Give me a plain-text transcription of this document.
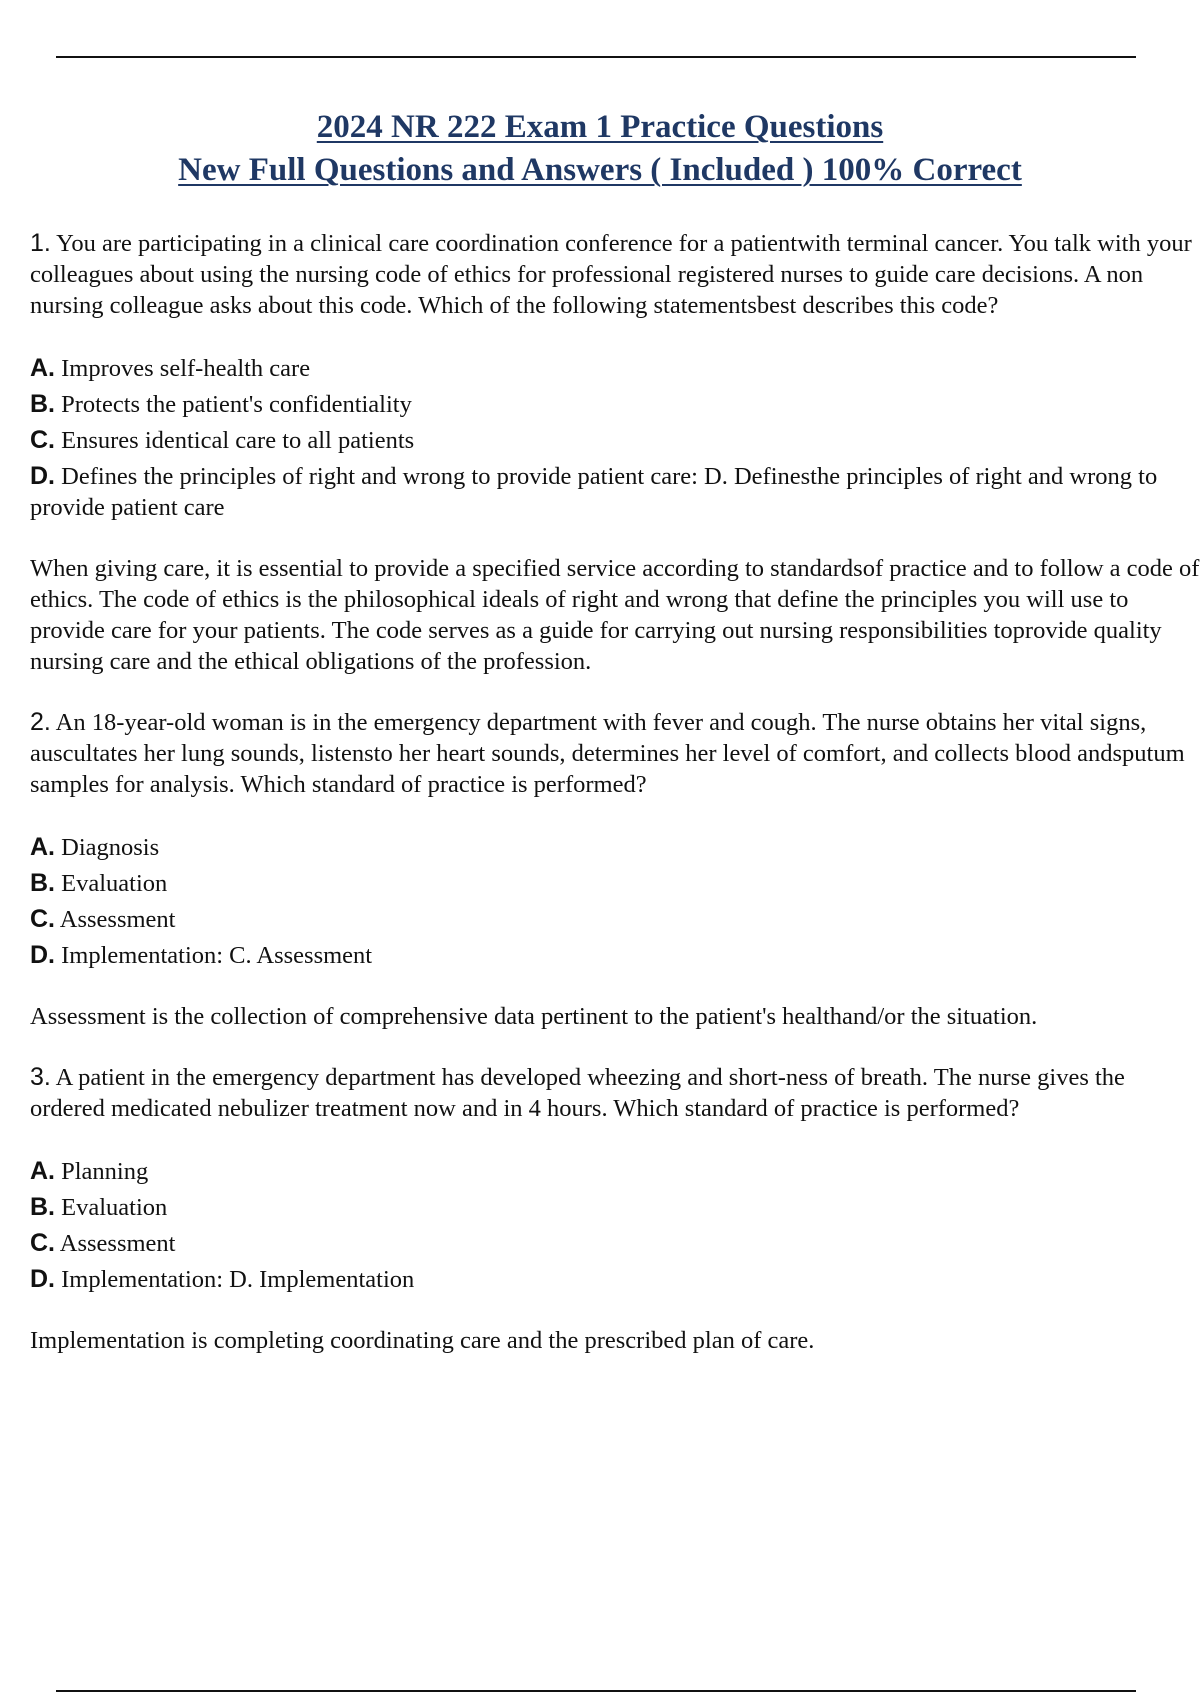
2024 NR 222 Exam 1 Practice Questions
New Full Questions and Answers ( Included ) 100% Correct

1. You are participating in a clinical care coordination conference for a patientwith terminal cancer. You talk with your colleagues about using the nursing code of ethics for professional registered nurses to guide care decisions. A non nursing colleague asks about this code. Which of the following statementsbest describes this code?

A. Improves self-health care
B. Protects the patient's confidentiality
C. Ensures identical care to all patients
D. Defines the principles of right and wrong to provide patient care: D. Definesthe principles of right and wrong to provide patient care

When giving care, it is essential to provide a specified service according to standardsof practice and to follow a code of ethics. The code of ethics is the philosophical ideals of right and wrong that define the principles you will use to provide care for your patients. The code serves as a guide for carrying out nursing responsibilities toprovide quality nursing care and the ethical obligations of the profession.

2. An 18-year-old woman is in the emergency department with fever and cough. The nurse obtains her vital signs, auscultates her lung sounds, listensto her heart sounds, determines her level of comfort, and collects blood andsputum samples for analysis. Which standard of practice is performed?

A. Diagnosis
B. Evaluation
C. Assessment
D. Implementation: C. Assessment

Assessment is the collection of comprehensive data pertinent to the patient's healthand/or the situation.

3. A patient in the emergency department has developed wheezing and short-ness of breath. The nurse gives the ordered medicated nebulizer treatment now and in 4 hours. Which standard of practice is performed?

A. Planning
B. Evaluation
C. Assessment
D. Implementation: D. Implementation

Implementation is completing coordinating care and the prescribed plan of care.
